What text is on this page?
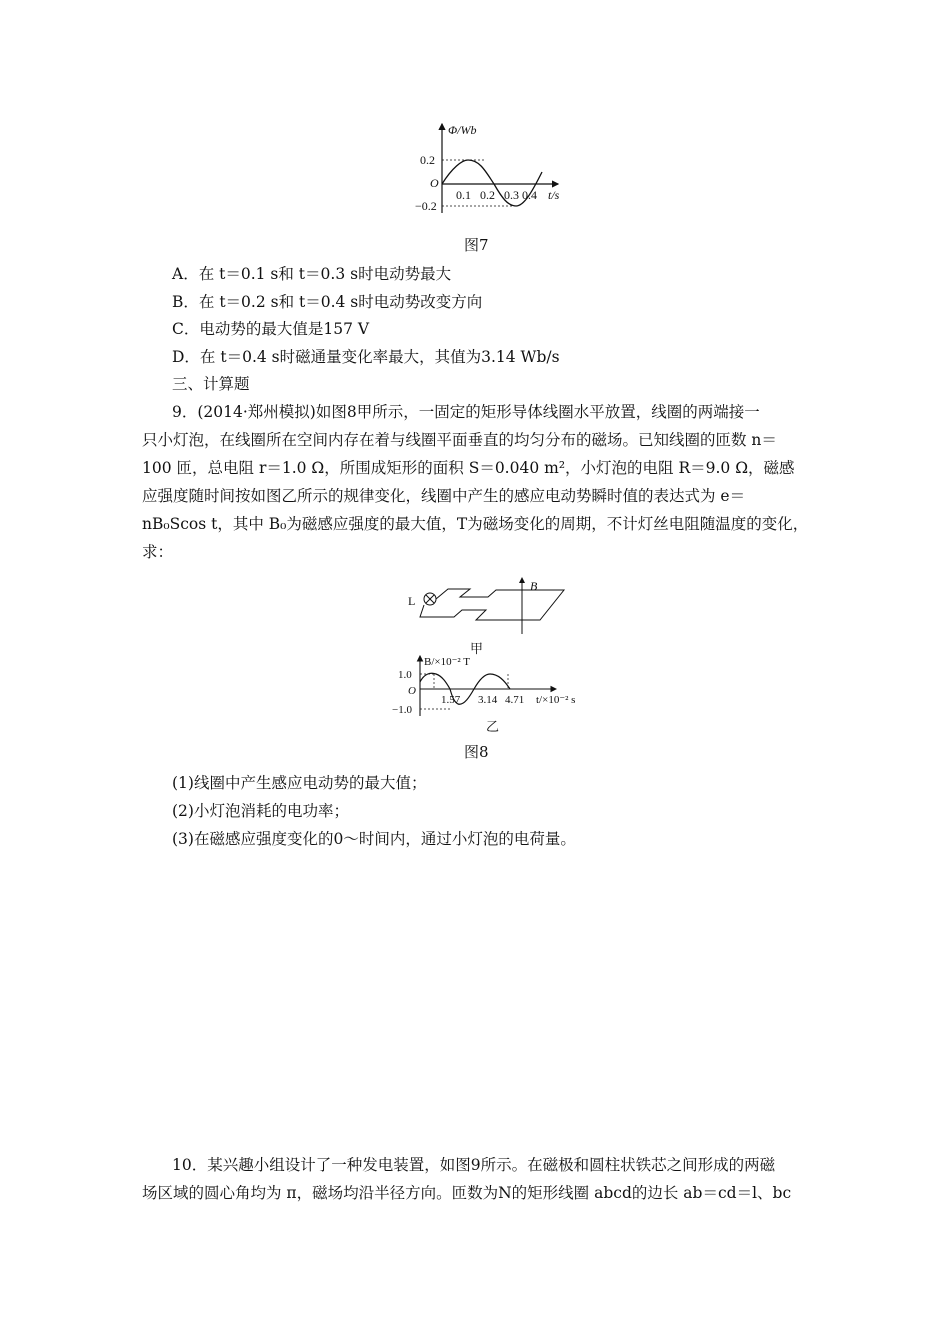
Φ/Wb
0.2
O
−0.2
0.1 0.2 0.3 0.4 t/s
图7
A．在 t＝0.1 s和 t＝0.3 s时电动势最大
B．在 t＝0.2 s和 t＝0.4 s时电动势改变方向
C．电动势的最大值是157 V
D．在 t＝0.4 s时磁通量变化率最大，其值为3.14 Wb/s
三、计算题
9．(2014·郑州模拟)如图8甲所示，一固定的矩形导体线圈水平放置，线圈的两端接一
只小灯泡，在线圈所在空间内存在着与线圈平面垂直的均匀分布的磁场。已知线圈的匝数 n＝
100 匝，总电阻 r＝1.0 Ω，所围成矩形的面积 S＝0.040 m²，小灯泡的电阻 R＝9.0 Ω，磁感
应强度随时间按如图乙所示的规律变化，线圈中产生的感应电动势瞬时值的表达式为 e＝
nB₀Scos t，其中 B₀为磁感应强度的最大值，T为磁场变化的周期，不计灯丝电阻随温度的变化，
求：
L
B
甲
B/×10⁻² T
1.0
O
−1.0
1.57 3.14 4.71 t/×10⁻² s
乙
图8
(1)线圈中产生感应电动势的最大值；
(2)小灯泡消耗的电功率；
(3)在磁感应强度变化的0～时间内，通过小灯泡的电荷量。
10．某兴趣小组设计了一种发电装置，如图9所示。在磁极和圆柱状铁芯之间形成的两磁
场区域的圆心角均为 π，磁场均沿半径方向。匝数为N的矩形线圈 abcd的边长 ab＝cd＝l、bc
